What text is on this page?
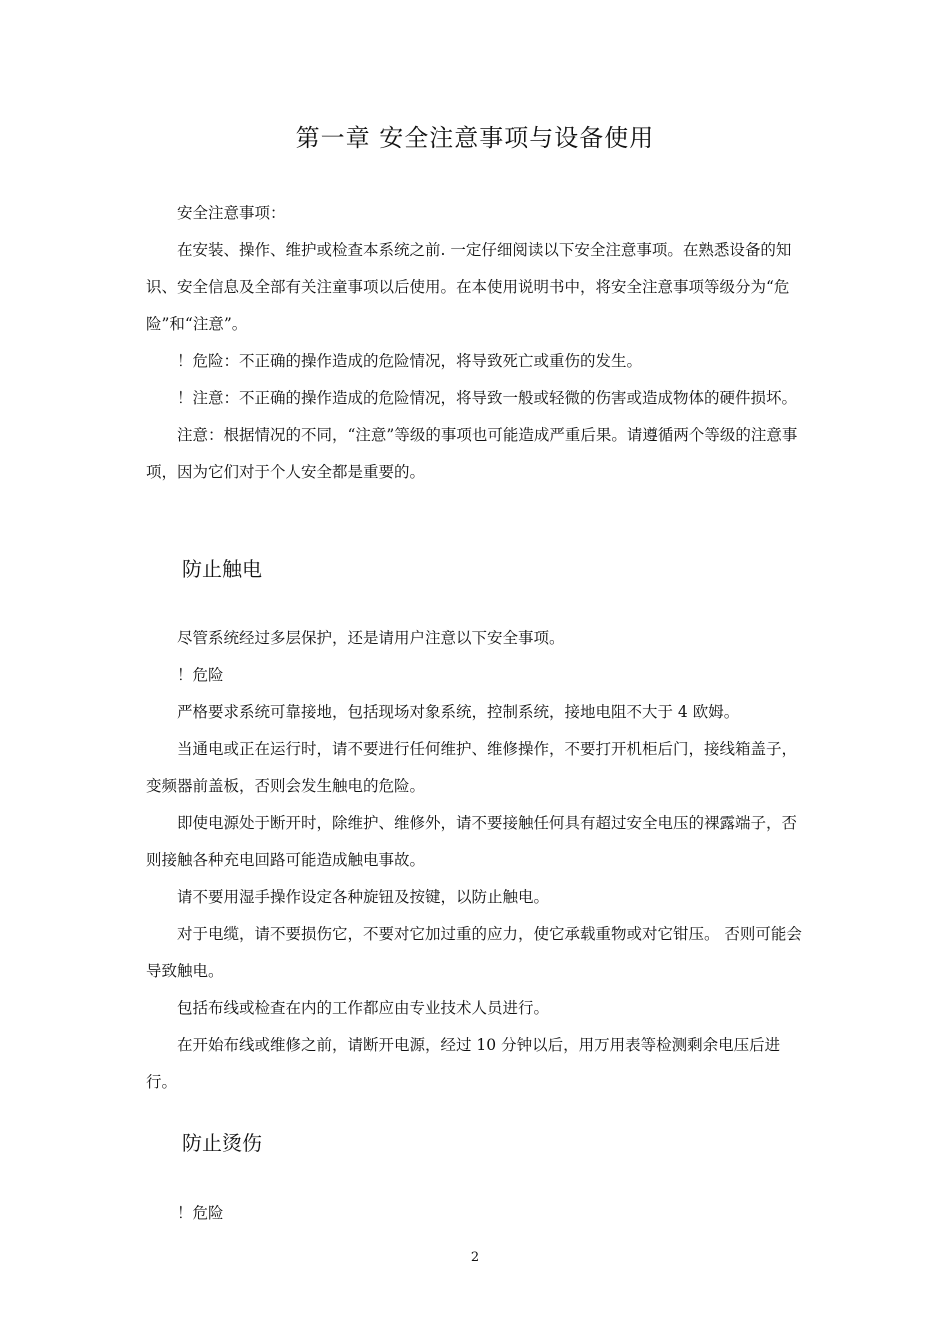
第一章 安全注意事项与设备使用

安全注意事项：

在安装、操作、维护或检查本系统之前. 一定仔细阅读以下安全注意事项。在熟悉设备的知识、安全信息及全部有关注童事项以后使用。在本使用说明书中，将安全注意事项等级分为“危险”和“注意”。

！危险：不正确的操作造成的危险情况，将导致死亡或重伤的发生。

！注意：不正确的操作造成的危险情况，将导致一般或轻微的伤害或造成物体的硬件损坏。

注意：根据情况的不同，“注意”等级的事项也可能造成严重后果。请遵循两个等级的注意事项，因为它们对于个人安全都是重要的。

防止触电

尽管系统经过多层保护，还是请用户注意以下安全事项。

！危险

严格要求系统可靠接地，包括现场对象系统，控制系统，接地电阻不大于 4 欧姆。

当通电或正在运行时，请不要进行任何维护、维修操作，不要打开机柜后门，接线箱盖子，变频器前盖板，否则会发生触电的危险。

即使电源处于断开时，除维护、维修外，请不要接触任何具有超过安全电压的裸露端子，否则接触各种充电回路可能造成触电事故。

请不要用湿手操作设定各种旋钮及按键，以防止触电。

对于电缆，请不要损伤它，不要对它加过重的应力，使它承载重物或对它钳压。 否则可能会导致触电。

包括布线或检查在内的工作都应由专业技术人员进行。

在开始布线或维修之前，请断开电源，经过 10 分钟以后，用万用表等检测剩余电压后进行。

防止烫伤

！危险

2
